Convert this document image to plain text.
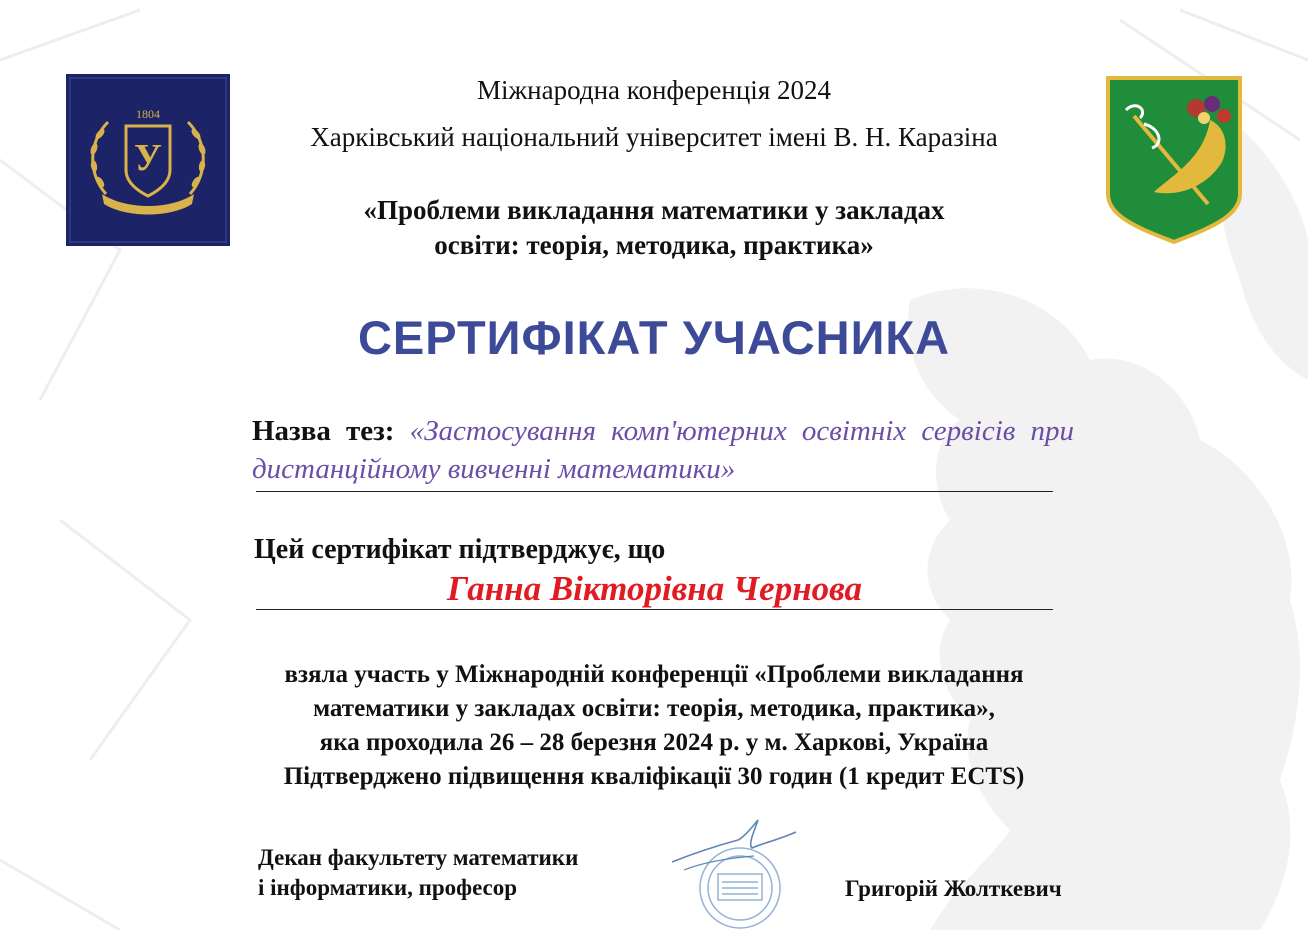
У
1804
Міжнародна конференція 2024
Харківський національний університет імені В. Н. Каразіна
«Проблеми викладання математики у закладах
освіти: теорія, методика, практика»
СЕРТИФІКАТ УЧАСНИКА
Назва тез: «Застосування комп'ютерних освітніх сервісів при дистанційному вивченні математики»
Цей сертифікат підтверджує, що
Ганна Вікторівна Чернова
взяла участь у Міжнародній конференції «Проблеми викладання
математики у закладах освіти: теорія, методика, практика»,
яка проходила 26 – 28 березня 2024 р. у м. Харкові, Україна
Підтверджено підвищення кваліфікації 30 годин (1 кредит ECTS)
Декан факультету математики
і інформатики, професор	Григорій Жолткевич
